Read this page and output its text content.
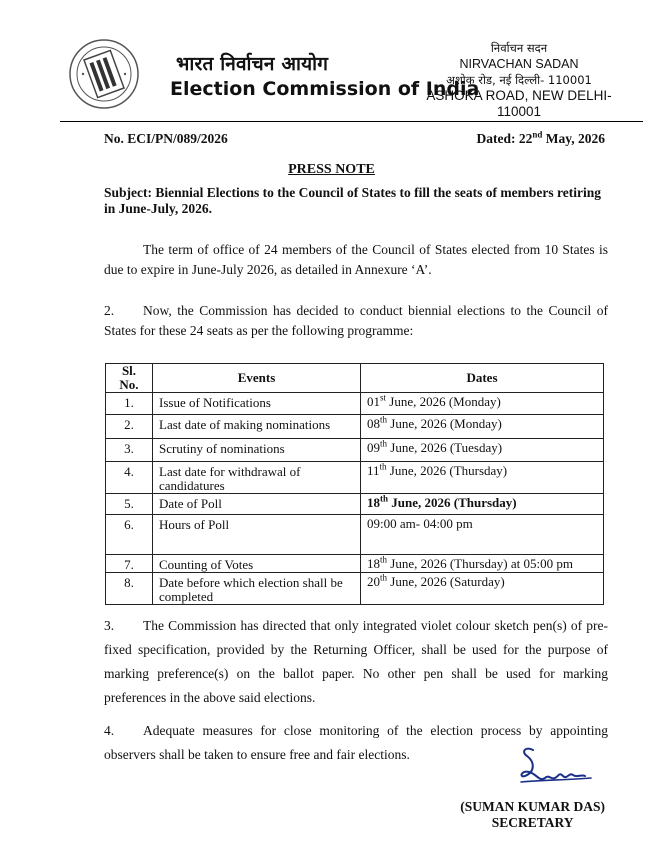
भारत निर्वाचन आयोग
Election Commission of India
निर्वाचन सदन
NIRVACHAN SADAN
अशोक रोड, नई दिल्ली- 110001
ASHOKA ROAD, NEW DELHI-110001
No. ECI/PN/089/2026	Dated: 22nd May, 2026
PRESS NOTE
Subject: Biennial Elections to the Council of States to fill the seats of members retiring in June-July, 2026.
The term of office of 24 members of the Council of States elected from 10 States is due to expire in June-July 2026, as detailed in Annexure ‘A’.
2. Now, the Commission has decided to conduct biennial elections to the Council of States for these 24 seats as per the following programme:
Sl. No.	Events	Dates
1.	Issue of Notifications	01st June, 2026 (Monday)
2.	Last date of making nominations	08th June, 2026 (Monday)
3.	Scrutiny of nominations	09th June, 2026 (Tuesday)
4.	Last date for withdrawal of candidatures	11th June, 2026 (Thursday)
5.	Date of Poll	18th June, 2026 (Thursday)
6.	Hours of Poll	09:00 am- 04:00 pm
7.	Counting of Votes	18th June, 2026 (Thursday) at 05:00 pm
8.	Date before which election shall be completed	20th June, 2026 (Saturday)
3. The Commission has directed that only integrated violet colour sketch pen(s) of pre-fixed specification, provided by the Returning Officer, shall be used for the purpose of marking preference(s) on the ballot paper. No other pen shall be used for marking preferences in the above said elections.
4. Adequate measures for close monitoring of the election process by appointing observers shall be taken to ensure free and fair elections.
(SUMAN KUMAR DAS)
SECRETARY
